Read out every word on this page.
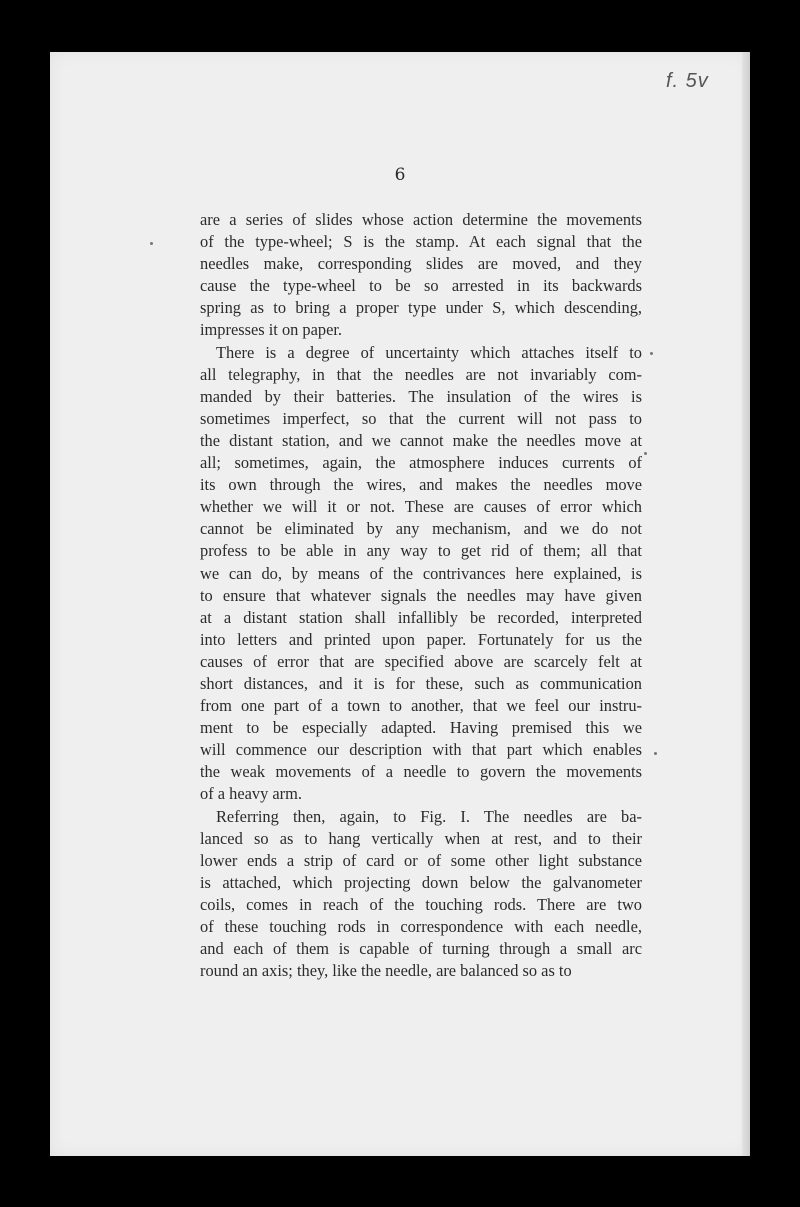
f. 5v
6
are a series of slides whose action determine the movements
of the type-wheel; S is the stamp. At each signal that the
needles make, corresponding slides are moved, and they
cause the type-wheel to be so arrested in its backwards
spring as to bring a proper type under S, which descending,
impresses it on paper.
There is a degree of uncertainty which attaches itself to
all telegraphy, in that the needles are not invariably com-
manded by their batteries. The insulation of the wires is
sometimes imperfect, so that the current will not pass to
the distant station, and we cannot make the needles move at
all; sometimes, again, the atmosphere induces currents of
its own through the wires, and makes the needles move
whether we will it or not. These are causes of error which
cannot be eliminated by any mechanism, and we do not
profess to be able in any way to get rid of them; all that
we can do, by means of the contrivances here explained, is
to ensure that whatever signals the needles may have given
at a distant station shall infallibly be recorded, interpreted
into letters and printed upon paper. Fortunately for us the
causes of error that are specified above are scarcely felt at
short distances, and it is for these, such as communication
from one part of a town to another, that we feel our instru-
ment to be especially adapted. Having premised this we
will commence our description with that part which enables
the weak movements of a needle to govern the movements
of a heavy arm.
Referring then, again, to Fig. I. The needles are ba-
lanced so as to hang vertically when at rest, and to their
lower ends a strip of card or of some other light substance
is attached, which projecting down below the galvanometer
coils, comes in reach of the touching rods. There are two
of these touching rods in correspondence with each needle,
and each of them is capable of turning through a small arc
round an axis; they, like the needle, are balanced so as to
